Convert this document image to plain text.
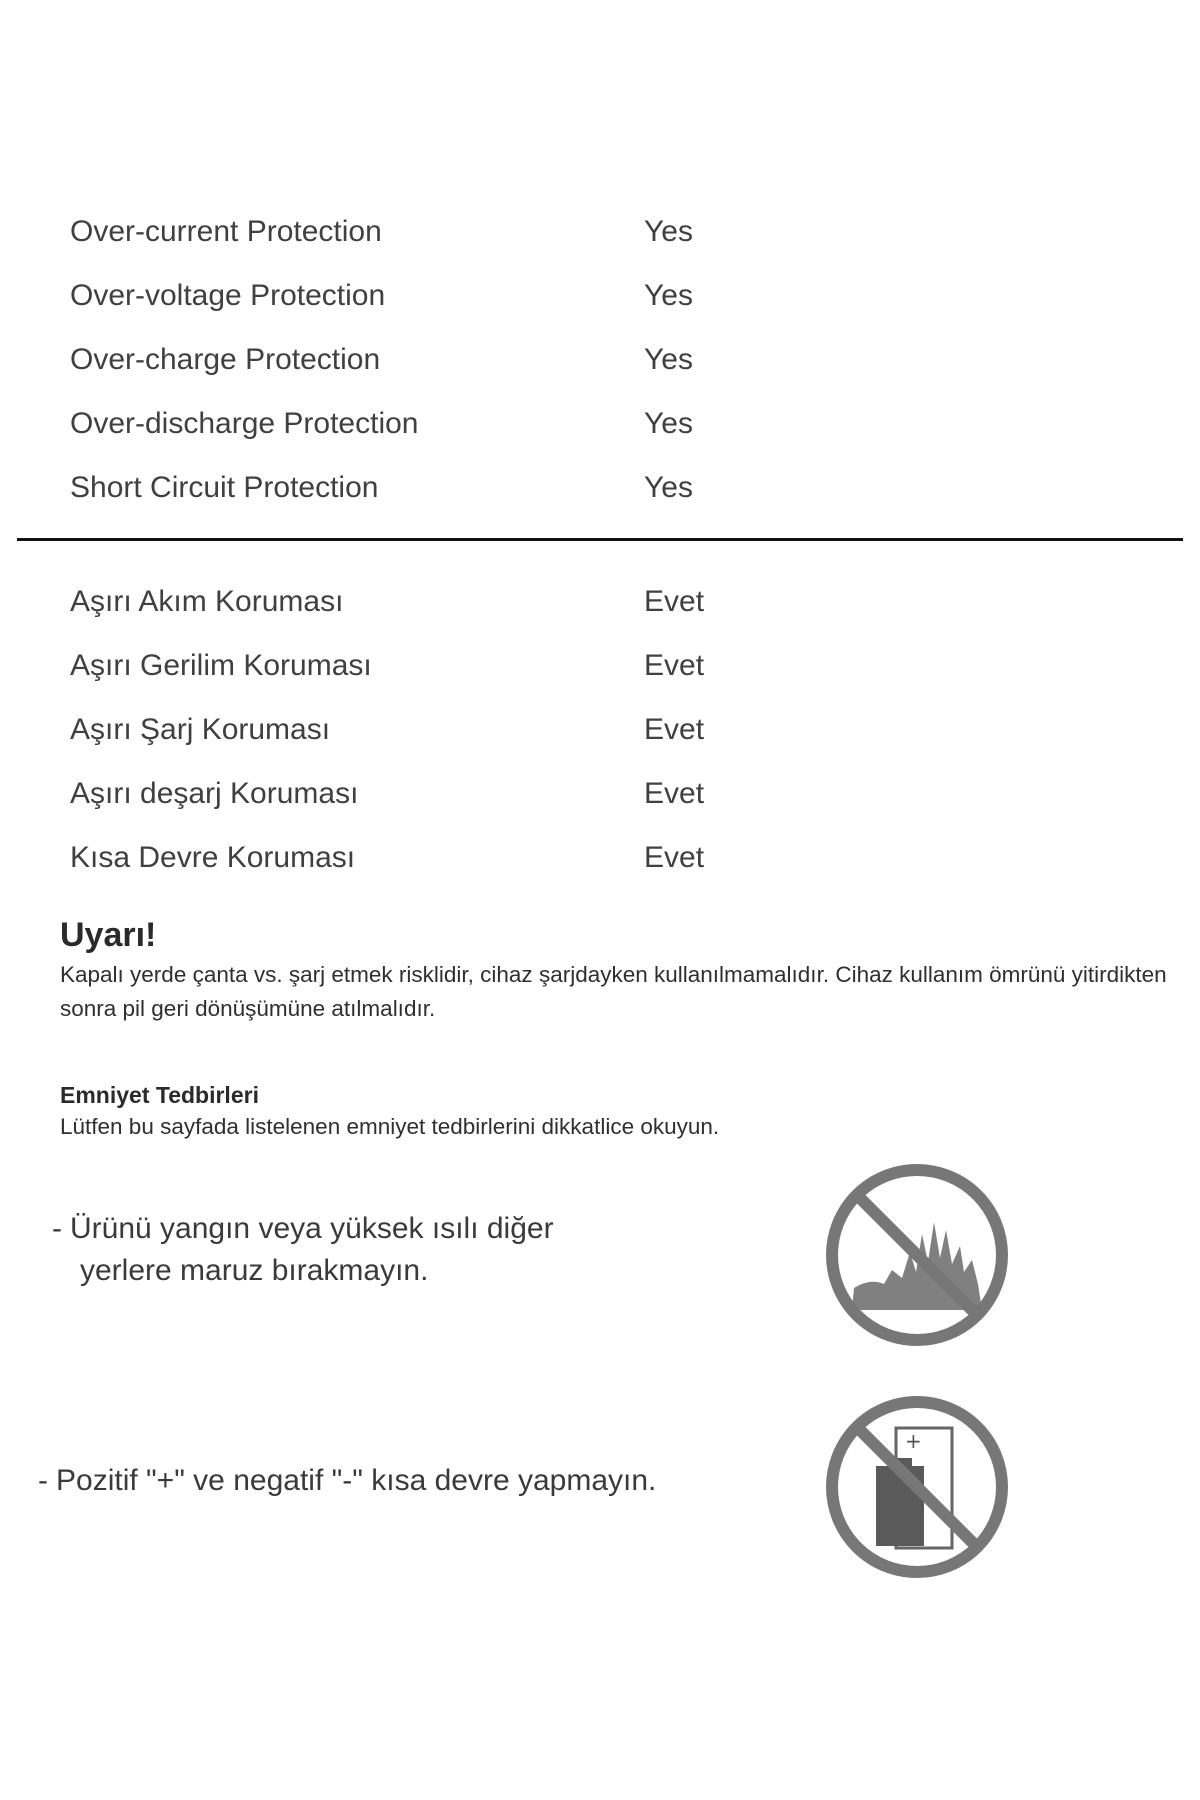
Over-current Protection	Yes
Over-voltage Protection	Yes
Over-charge Protection	Yes
Over-discharge Protection	Yes
Short Circuit Protection	Yes
Aşırı Akım Koruması	Evet
Aşırı Gerilim Koruması	Evet
Aşırı Şarj Koruması	Evet
Aşırı deşarj Koruması	Evet
Kısa Devre Koruması	Evet
Uyarı!
Kapalı yerde çanta vs. şarj etmek risklidir, cihaz şarjdayken kullanılmamalıdır. Cihaz kullanım ömrünü yitirdikten sonra pil geri dönüşümüne atılmalıdır.
Emniyet Tedbirleri
Lütfen bu sayfada listelenen emniyet tedbirlerini dikkatlice okuyun.
- Ürünü yangın veya yüksek ısılı diğer
yerlere maruz bırakmayın.
- Pozitif "+" ve negatif "-" kısa devre yapmayın.
+
